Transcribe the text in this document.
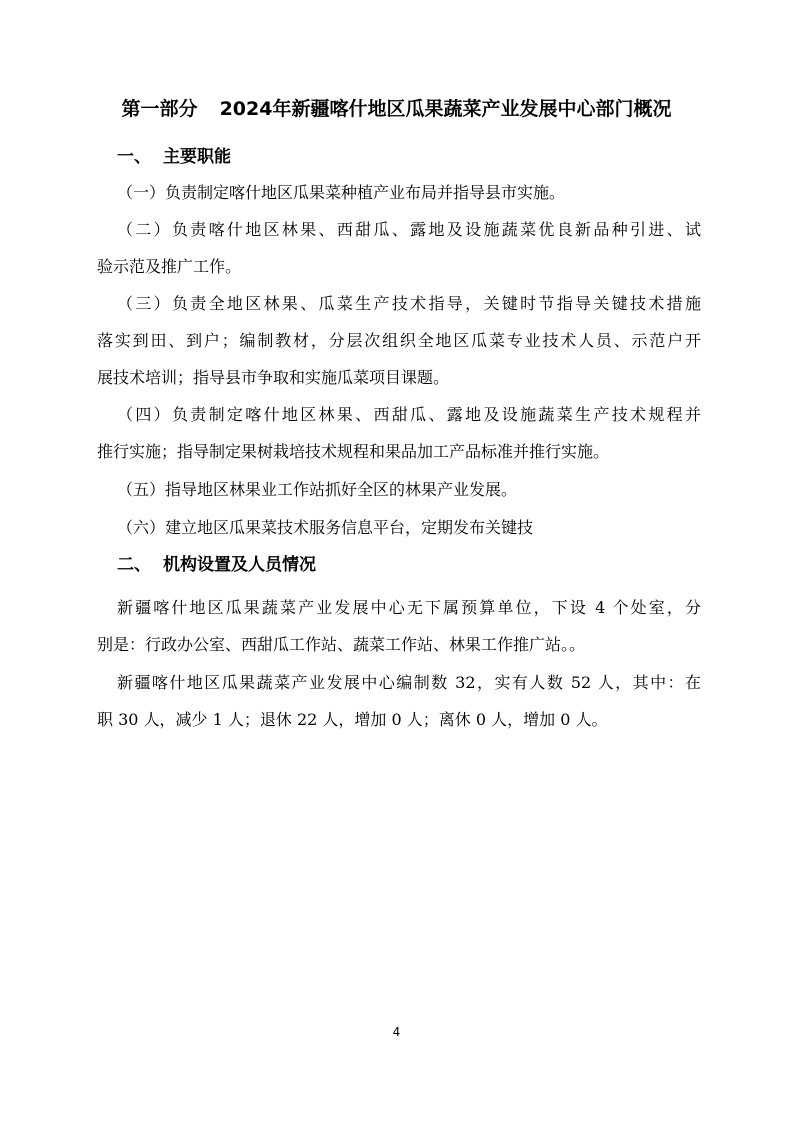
第一部分 2024年新疆喀什地区瓜果蔬菜产业发展中心部门概况
一、 主要职能
（一）负责制定喀什地区瓜果菜种植产业布局并指导县市实施。
（二）负责喀什地区林果、西甜瓜、露地及设施蔬菜优良新品种引进、试
验示范及推广工作。
（三）负责全地区林果、瓜菜生产技术指导，关键时节指导关键技术措施
落实到田、到户；编制教材，分层次组织全地区瓜菜专业技术人员、示范户开
展技术培训；指导县市争取和实施瓜菜项目课题。
（四）负责制定喀什地区林果、西甜瓜、露地及设施蔬菜生产技术规程并
推行实施；指导制定果树栽培技术规程和果品加工产品标准并推行实施。
（五）指导地区林果业工作站抓好全区的林果产业发展。
（六）建立地区瓜果菜技术服务信息平台，定期发布关键技
二、 机构设置及人员情况
新疆喀什地区瓜果蔬菜产业发展中心无下属预算单位，下设 4 个处室，分
别是：行政办公室、西甜瓜工作站、蔬菜工作站、林果工作推广站。。
新疆喀什地区瓜果蔬菜产业发展中心编制数 32，实有人数 52 人，其中：在
职 30 人，减少 1 人；退休 22 人，增加 0 人；离休 0 人，增加 0 人。
4
